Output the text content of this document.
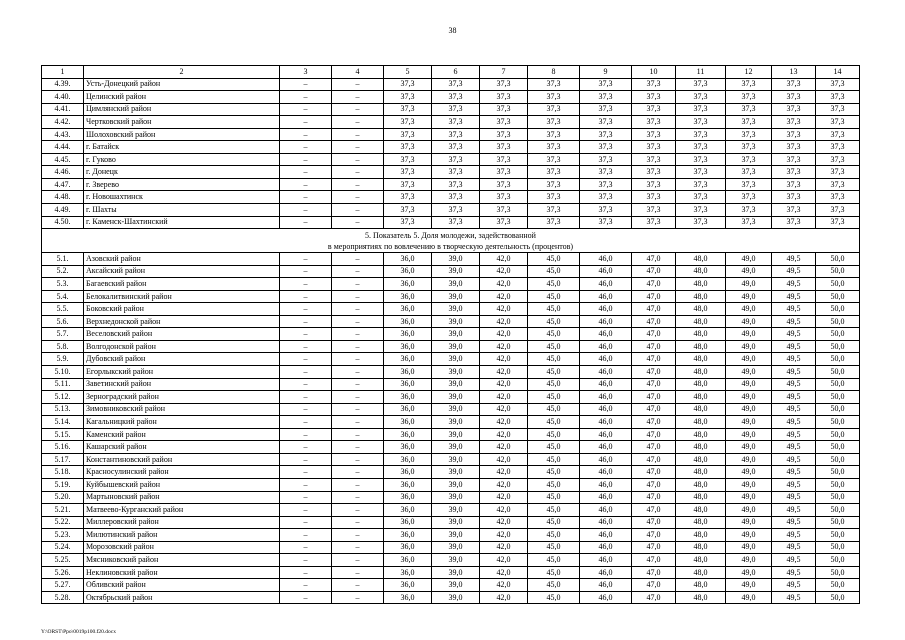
38
1	2	3	4	5	6	7	8	9	10	11	12	13	14
4.39.	Усть-Донецкий район	–	–	37,3	37,3	37,3	37,3	37,3	37,3	37,3	37,3	37,3	37,3
4.40.	Целинский район	–	–	37,3	37,3	37,3	37,3	37,3	37,3	37,3	37,3	37,3	37,3
4.41.	Цимлянский район	–	–	37,3	37,3	37,3	37,3	37,3	37,3	37,3	37,3	37,3	37,3
4.42.	Чертковский район	–	–	37,3	37,3	37,3	37,3	37,3	37,3	37,3	37,3	37,3	37,3
4.43.	Шолоховский район	–	–	37,3	37,3	37,3	37,3	37,3	37,3	37,3	37,3	37,3	37,3
4.44.	г. Батайск	–	–	37,3	37,3	37,3	37,3	37,3	37,3	37,3	37,3	37,3	37,3
4.45.	г. Гуково	–	–	37,3	37,3	37,3	37,3	37,3	37,3	37,3	37,3	37,3	37,3
4.46.	г. Донецк	–	–	37,3	37,3	37,3	37,3	37,3	37,3	37,3	37,3	37,3	37,3
4.47.	г. Зверево	–	–	37,3	37,3	37,3	37,3	37,3	37,3	37,3	37,3	37,3	37,3
4.48.	г. Новошахтинск	–	–	37,3	37,3	37,3	37,3	37,3	37,3	37,3	37,3	37,3	37,3
4.49.	г. Шахты	–	–	37,3	37,3	37,3	37,3	37,3	37,3	37,3	37,3	37,3	37,3
4.50.	г. Каменск-Шахтинский	–	–	37,3	37,3	37,3	37,3	37,3	37,3	37,3	37,3	37,3	37,3

5. Показатель 5. Доля молодежи, задействованной
в мероприятиях по вовлечению в творческую деятельность (процентов)													

5.1.	Азовский район	–	–	36,0	39,0	42,0	45,0	46,0	47,0	48,0	49,0	49,5	50,0
5.2.	Аксайский район	–	–	36,0	39,0	42,0	45,0	46,0	47,0	48,0	49,0	49,5	50,0
5.3.	Багаевский район	–	–	36,0	39,0	42,0	45,0	46,0	47,0	48,0	49,0	49,5	50,0
5.4.	Белокалитвинский район	–	–	36,0	39,0	42,0	45,0	46,0	47,0	48,0	49,0	49,5	50,0
5.5.	Боковский район	–	–	36,0	39,0	42,0	45,0	46,0	47,0	48,0	49,0	49,5	50,0
5.6.	Верхнедонской район	–	–	36,0	39,0	42,0	45,0	46,0	47,0	48,0	49,0	49,5	50,0
5.7.	Веселовский район	–	–	36,0	39,0	42,0	45,0	46,0	47,0	48,0	49,0	49,5	50,0
5.8.	Волгодонской район	–	–	36,0	39,0	42,0	45,0	46,0	47,0	48,0	49,0	49,5	50,0
5.9.	Дубовский район	–	–	36,0	39,0	42,0	45,0	46,0	47,0	48,0	49,0	49,5	50,0
5.10.	Егорлыкский район	–	–	36,0	39,0	42,0	45,0	46,0	47,0	48,0	49,0	49,5	50,0
5.11.	Заветинский район	–	–	36,0	39,0	42,0	45,0	46,0	47,0	48,0	49,0	49,5	50,0
5.12.	Зерноградский район	–	–	36,0	39,0	42,0	45,0	46,0	47,0	48,0	49,0	49,5	50,0
5.13.	Зимовниковский район	–	–	36,0	39,0	42,0	45,0	46,0	47,0	48,0	49,0	49,5	50,0
5.14.	Кагальницкий район	–	–	36,0	39,0	42,0	45,0	46,0	47,0	48,0	49,0	49,5	50,0
5.15.	Каменский район	–	–	36,0	39,0	42,0	45,0	46,0	47,0	48,0	49,0	49,5	50,0
5.16.	Кашарский район	–	–	36,0	39,0	42,0	45,0	46,0	47,0	48,0	49,0	49,5	50,0
5.17.	Константиновский район	–	–	36,0	39,0	42,0	45,0	46,0	47,0	48,0	49,0	49,5	50,0
5.18.	Красносулинский район	–	–	36,0	39,0	42,0	45,0	46,0	47,0	48,0	49,0	49,5	50,0
5.19.	Куйбышевский район	–	–	36,0	39,0	42,0	45,0	46,0	47,0	48,0	49,0	49,5	50,0
5.20.	Мартыновский район	–	–	36,0	39,0	42,0	45,0	46,0	47,0	48,0	49,0	49,5	50,0
5.21.	Матвеево-Курганский район	–	–	36,0	39,0	42,0	45,0	46,0	47,0	48,0	49,0	49,5	50,0
5.22.	Миллеровский район	–	–	36,0	39,0	42,0	45,0	46,0	47,0	48,0	49,0	49,5	50,0
5.23.	Милютинский район	–	–	36,0	39,0	42,0	45,0	46,0	47,0	48,0	49,0	49,5	50,0
5.24.	Морозовский район	–	–	36,0	39,0	42,0	45,0	46,0	47,0	48,0	49,0	49,5	50,0
5.25.	Мясниковский район	–	–	36,0	39,0	42,0	45,0	46,0	47,0	48,0	49,0	49,5	50,0
5.26.	Неклиновский район	–	–	36,0	39,0	42,0	45,0	46,0	47,0	48,0	49,0	49,5	50,0
5.27.	Обливский район	–	–	36,0	39,0	42,0	45,0	46,0	47,0	48,0	49,0	49,5	50,0
5.28.	Октябрьский район	–	–	36,0	39,0	42,0	45,0	46,0	47,0	48,0	49,0	49,5	50,0
Y:\ORST\Ppo\0019p100.f20.docx
